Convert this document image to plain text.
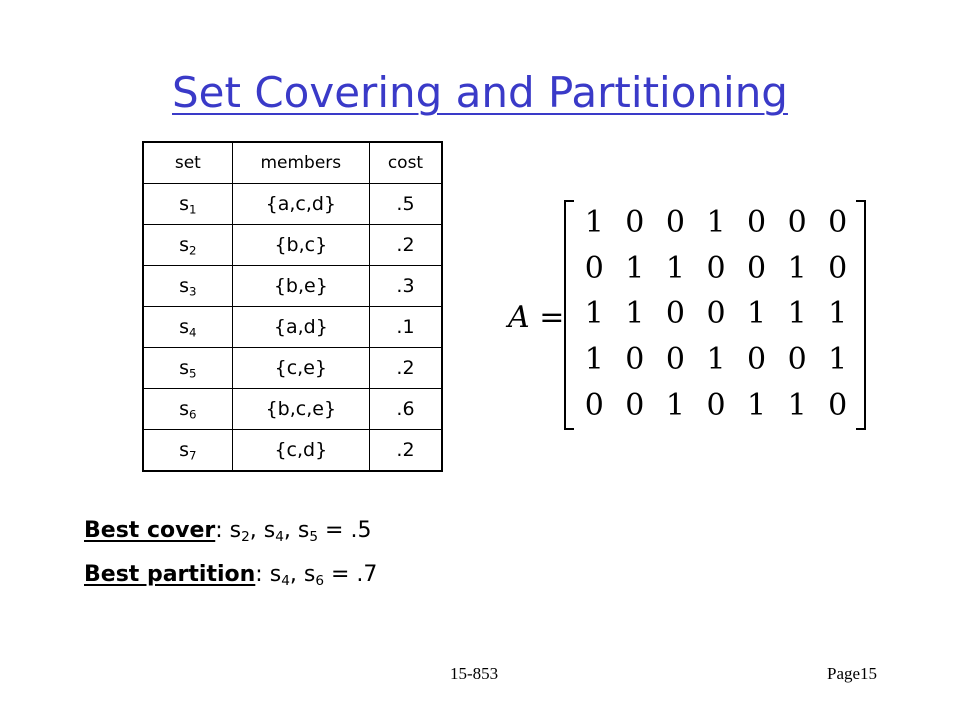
Set Covering and Partitioning
set	members	cost
$s_1$	{a,c,d}	.5
$s_2$	{b,c}	.2
$s_3$	{b,e}	.3
$s_4$	{a,d}	.1
$s_5$	{c,e}	.2
$s_6$	{b,c,e}	.6
$s_7$	{c,d}	.2
A =
1 0 0 1 0 0 0
0 1 1 0 0 1 0
1 1 0 0 1 1 1
1 0 0 1 0 0 1
0 0 1 0 1 1 0
Best cover: $s_2$, $s_4$, $s_5 = .5$
Best partition: $s_4$, $s_6 = .7$
15-853	Page15
